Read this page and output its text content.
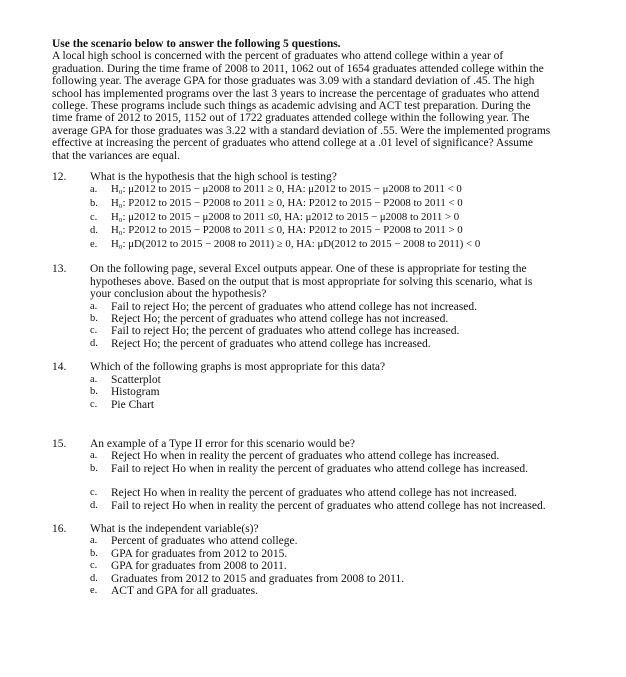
Use the scenario below to answer the following 5 questions.

A local high school is concerned with the percent of graduates who attend college within a year of graduation. During the time frame of 2008 to 2011, 1062 out of 1654 graduates attended college within the following year. The average GPA for those graduates was 3.09 with a standard deviation of .45. The high school has implemented programs over the last 3 years to increase the percentage of graduates who attend college. These programs include such things as academic advising and ACT test preparation. During the time frame of 2012 to 2015, 1152 out of 1722 graduates attended college within the following year. The average GPA for those graduates was 3.22 with a standard deviation of .55. Were the implemented programs effective at increasing the percent of graduates who attend college at a .01 level of significance? Assume that the variances are equal.

12. What is the hypothesis that the high school is testing?
a.	H₀: μ2012 to 2015 − μ2008 to 2011 ≥ 0, HA: μ2012 to 2015 − μ2008 to 2011 < 0
b.	H₀: P2012 to 2015 − P2008 to 2011 ≥ 0, HA: P2012 to 2015 − P2008 to 2011 < 0
c.	H₀: μ2012 to 2015 − μ2008 to 2011 ≤0, HA: μ2012 to 2015 − μ2008 to 2011 > 0
d.	H₀: P2012 to 2015 − P2008 to 2011 ≤ 0, HA: P2012 to 2015 − P2008 to 2011 > 0
e.	H₀: μD(2012 to 2015 − 2008 to 2011) ≥ 0, HA: μD(2012 to 2015 − 2008 to 2011) < 0
13. On the following page, several Excel outputs appear. One of these is appropriate for testing the hypotheses above. Based on the output that is most appropriate for solving this scenario, what is your conclusion about the hypothesis?
a.	Fail to reject Ho; the percent of graduates who attend college has not increased.
b.	Reject Ho; the percent of graduates who attend college has not increased.
c.	Fail to reject Ho; the percent of graduates who attend college has increased.
d.	Reject Ho; the percent of graduates who attend college has increased.
14. Which of the following graphs is most appropriate for this data?
a.	Scatterplot
b.	Histogram
c.	Pie Chart
15. An example of a Type II error for this scenario would be?
a.	Reject Ho when in reality the percent of graduates who attend college has increased.
b.	Fail to reject Ho when in reality the percent of graduates who attend college has increased.
c.	Reject Ho when in reality the percent of graduates who attend college has not increased.
d.	Fail to reject Ho when in reality the percent of graduates who attend college has not increased.
16. What is the independent variable(s)?
a.	Percent of graduates who attend college.
b.	GPA for graduates from 2012 to 2015.
c.	GPA for graduates from 2008 to 2011.
d.	Graduates from 2012 to 2015 and graduates from 2008 to 2011.
e.	ACT and GPA for all graduates.
